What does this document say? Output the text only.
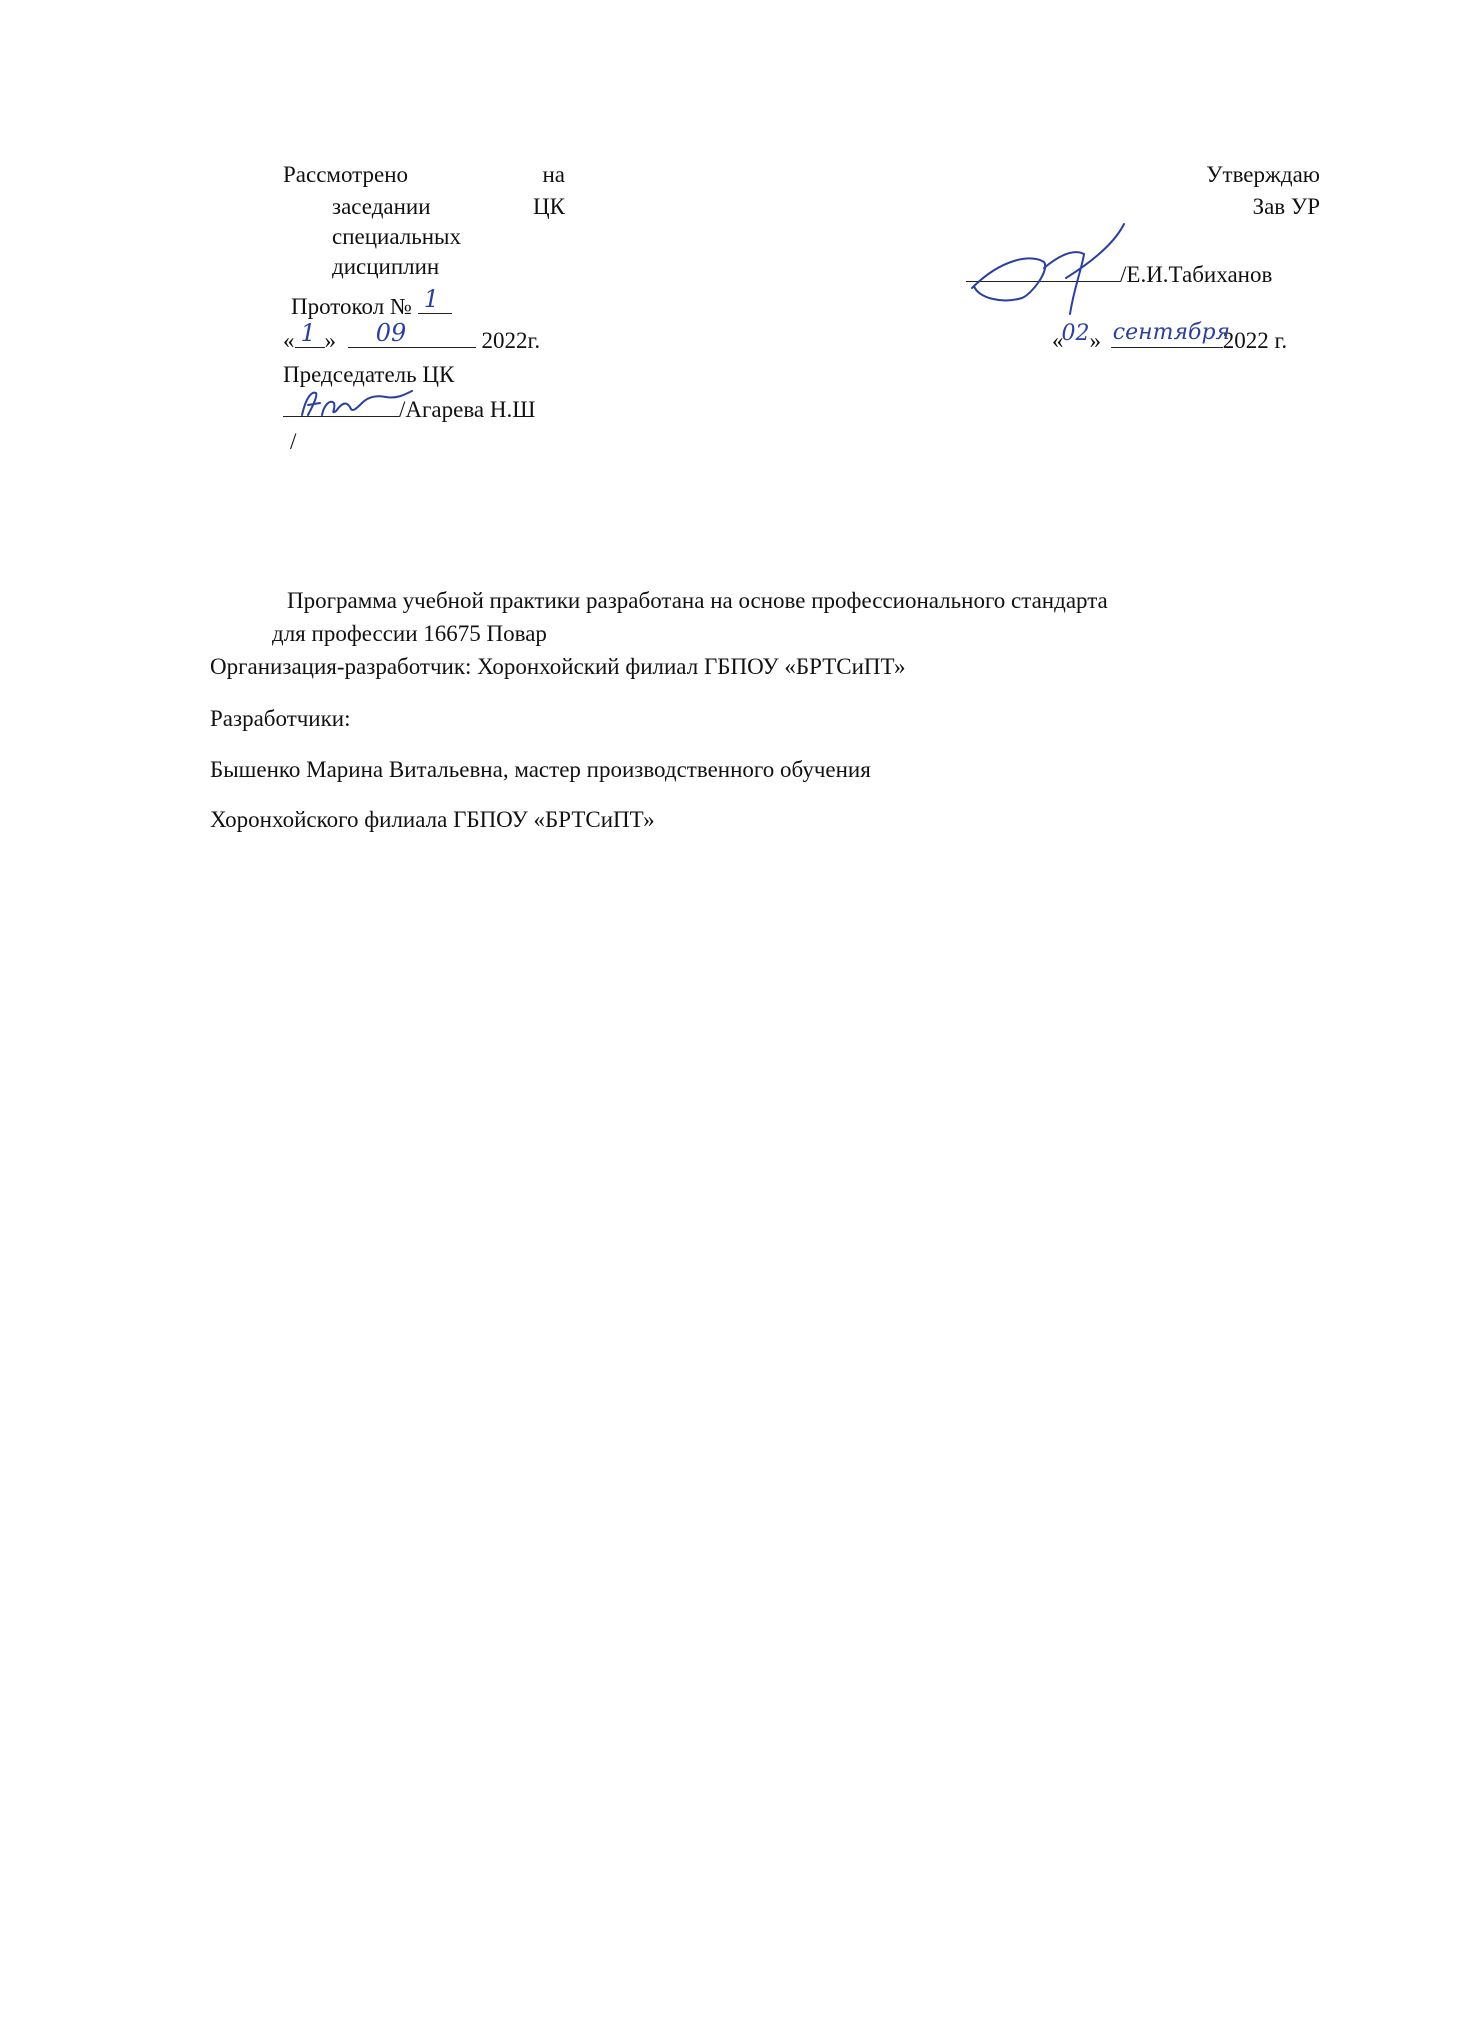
Рассмотрено	на
заседании	ЦК
специальных
дисциплин
Протокол № 1
« 1 » 09	2022г.
Председатель ЦК
/Агарева Н.Ш
/
Утверждаю
Зав УР
/Е.И.Табиханов
«
02 » сентября
2022 г.
Программа учебной практики разработана на основе профессионального стандарта
для профессии 16675 Повар
Организация-разработчик: Хоронхойский филиал ГБПОУ «БРТСиПТ»
Разработчики:
Бышенко Марина Витальевна, мастер производственного обучения
Хоронхойского филиала ГБПОУ «БРТСиПТ»
